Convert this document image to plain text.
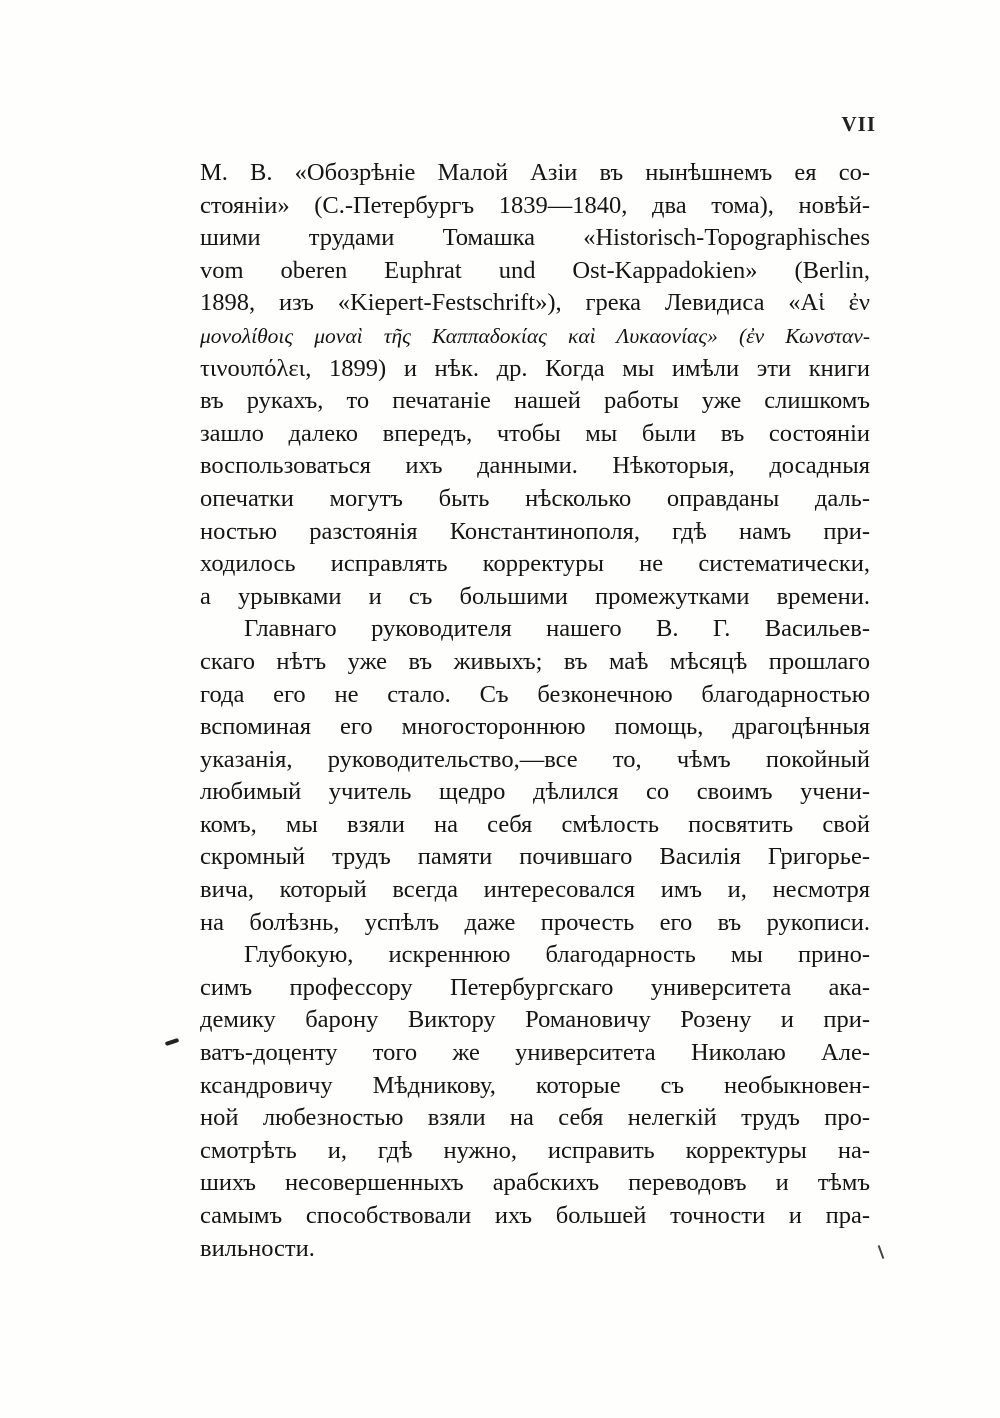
VII
М. В. «Обозрѣніе Малой Азіи въ нынѣшнемъ ея со-
стояніи» (С.-Петербургъ 1839—1840, два тома), новѣй-
шими трудами Томашка «Historisch-Topographisches
vom oberen Euphrat und Ost-Kappadokien» (Berlin,
1898, изъ «Kiepert-Festschrift»), грека Левидиса «Αἱ ἐν
μονολίθοις μοναὶ τῆς Καππαδοκίας καὶ Λυκαονίας» (ἐν Κωνσταν-
τινουπόλει, 1899) и нѣк. др. Когда мы имѣли эти книги
въ рукахъ, то печатаніе нашей работы уже слишкомъ
зашло далеко впередъ, чтобы мы были въ состояніи
воспользоваться ихъ данными. Нѣкоторыя, досадныя
опечатки могутъ быть нѣсколько оправданы даль-
ностью разстоянія Константинополя, гдѣ намъ при-
ходилось исправлять корректуры не систематически,
а урывками и съ большими промежутками времени.
Главнаго руководителя нашего В. Г. Васильев-
скаго нѣтъ уже въ живыхъ; въ маѣ мѣсяцѣ прошлаго
года его не стало. Съ безконечною благодарностью
вспоминая его многостороннюю помощь, драгоцѣнныя
указанія, руководительство,—все то, чѣмъ покойный
любимый учитель щедро дѣлился со своимъ учени-
комъ, мы взяли на себя смѣлость посвятить свой
скромный трудъ памяти почившаго Василія Григорье-
вича, который всегда интересовался имъ и, несмотря
на болѣзнь, успѣлъ даже прочесть его въ рукописи.
Глубокую, искреннюю благодарность мы прино-
симъ профессору Петербургскаго университета ака-
демику барону Виктору Романовичу Розену и при-
ватъ-доценту того же университета Николаю Але-
ксандровичу Мѣдникову, которые съ необыкновен-
ной любезностью взяли на себя нелегкій трудъ про-
смотрѣть и, гдѣ нужно, исправить корректуры на-
шихъ несовершенныхъ арабскихъ переводовъ и тѣмъ
самымъ способствовали ихъ большей точности и пра-
вильности.
